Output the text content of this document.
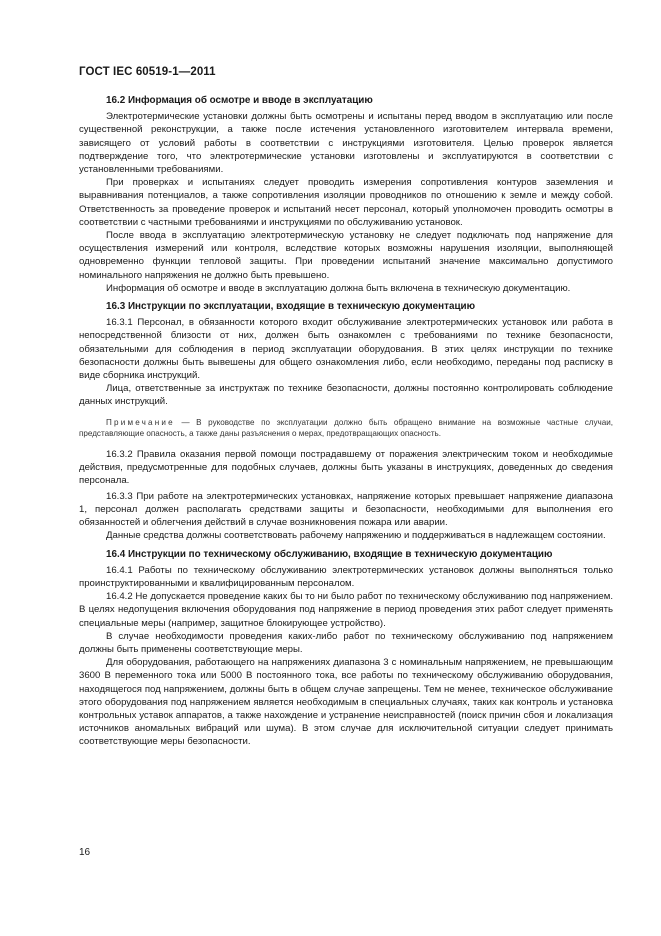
ГОСТ IEC 60519-1—2011
16.2 Информация об осмотре и вводе в эксплуатацию

Электротермические установки должны быть осмотрены и испытаны перед вводом в эксплуатацию или после существенной реконструкции, а также после истечения установленного изготовителем интервала времени, зависящего от условий работы в соответствии с инструкциями изготовителя. Целью проверок является подтверждение того, что электротермические установки изготовлены и эксплуатируются в соответствии с установленными требованиями.

При проверках и испытаниях следует проводить измерения сопротивления контуров заземления и выравнивания потенциалов, а также сопротивления изоляции проводников по отношению к земле и между собой. Ответственность за проведение проверок и испытаний несет персонал, который уполномочен проводить осмотры в соответствии с частными требованиями и инструкциями по обслуживанию установок.

После ввода в эксплуатацию электротермическую установку не следует подключать под напряжение для осуществления измерений или контроля, вследствие которых возможны нарушения изоляции, выполняющей одновременно функции тепловой защиты. При проведении испытаний значение максимально допустимого номинального напряжения не должно быть превышено.

Информация об осмотре и вводе в эксплуатацию должна быть включена в техническую документацию.

16.3 Инструкции по эксплуатации, входящие в техническую документацию

16.3.1 Персонал, в обязанности которого входит обслуживание электротермических установок или работа в непосредственной близости от них, должен быть ознакомлен с требованиями по технике безопасности, обязательными для соблюдения в период эксплуатации оборудования. В этих целях инструкции по технике безопасности должны быть вывешены для общего ознакомления либо, если необходимо, переданы под расписку в виде сборника инструкций.

Лица, ответственные за инструктаж по технике безопасности, должны постоянно контролировать соблюдение данных инструкций.

Примечание — В руководстве по эксплуатации должно быть обращено внимание на возможные частные случаи, представляющие опасность, а также даны разъяснения о мерах, предотвращающих опасность.

16.3.2 Правила оказания первой помощи пострадавшему от поражения электрическим током и необходимые действия, предусмотренные для подобных случаев, должны быть указаны в инструкциях, доведенных до сведения персонала.

16.3.3 При работе на электротермических установках, напряжение которых превышает напряжение диапазона 1, персонал должен располагать средствами защиты и безопасности, необходимыми для выполнения его обязанностей и облегчения действий в случае возникновения пожара или аварии.

Данные средства должны соответствовать рабочему напряжению и поддерживаться в надлежащем состоянии.

16.4 Инструкции по техническому обслуживанию, входящие в техническую документацию

16.4.1 Работы по техническому обслуживанию электротермических установок должны выполняться только проинструктированными и квалифицированным персоналом.

16.4.2 Не допускается проведение каких бы то ни было работ по техническому обслуживанию под напряжением. В целях недопущения включения оборудования под напряжение в период проведения этих работ следует применять специальные меры (например, защитное блокирующее устройство).

В случае необходимости проведения каких-либо работ по техническому обслуживанию под напряжением должны быть применены соответствующие меры.

Для оборудования, работающего на напряжениях диапазона 3 с номинальным напряжением, не превышающим 3600 В переменного тока или 5000 В постоянного тока, все работы по техническому обслуживанию оборудования, находящегося под напряжением, должны быть в общем случае запрещены. Тем не менее, техническое обслуживание этого оборудования под напряжением является необходимым в специальных случаях, таких как контроль и установка контрольных уставок аппаратов, а также нахождение и устранение неисправностей (поиск причин сбоя и локализация источников аномальных вибраций или шума). В этом случае для исключительной ситуации следует принимать соответствующие меры безопасности.

16
